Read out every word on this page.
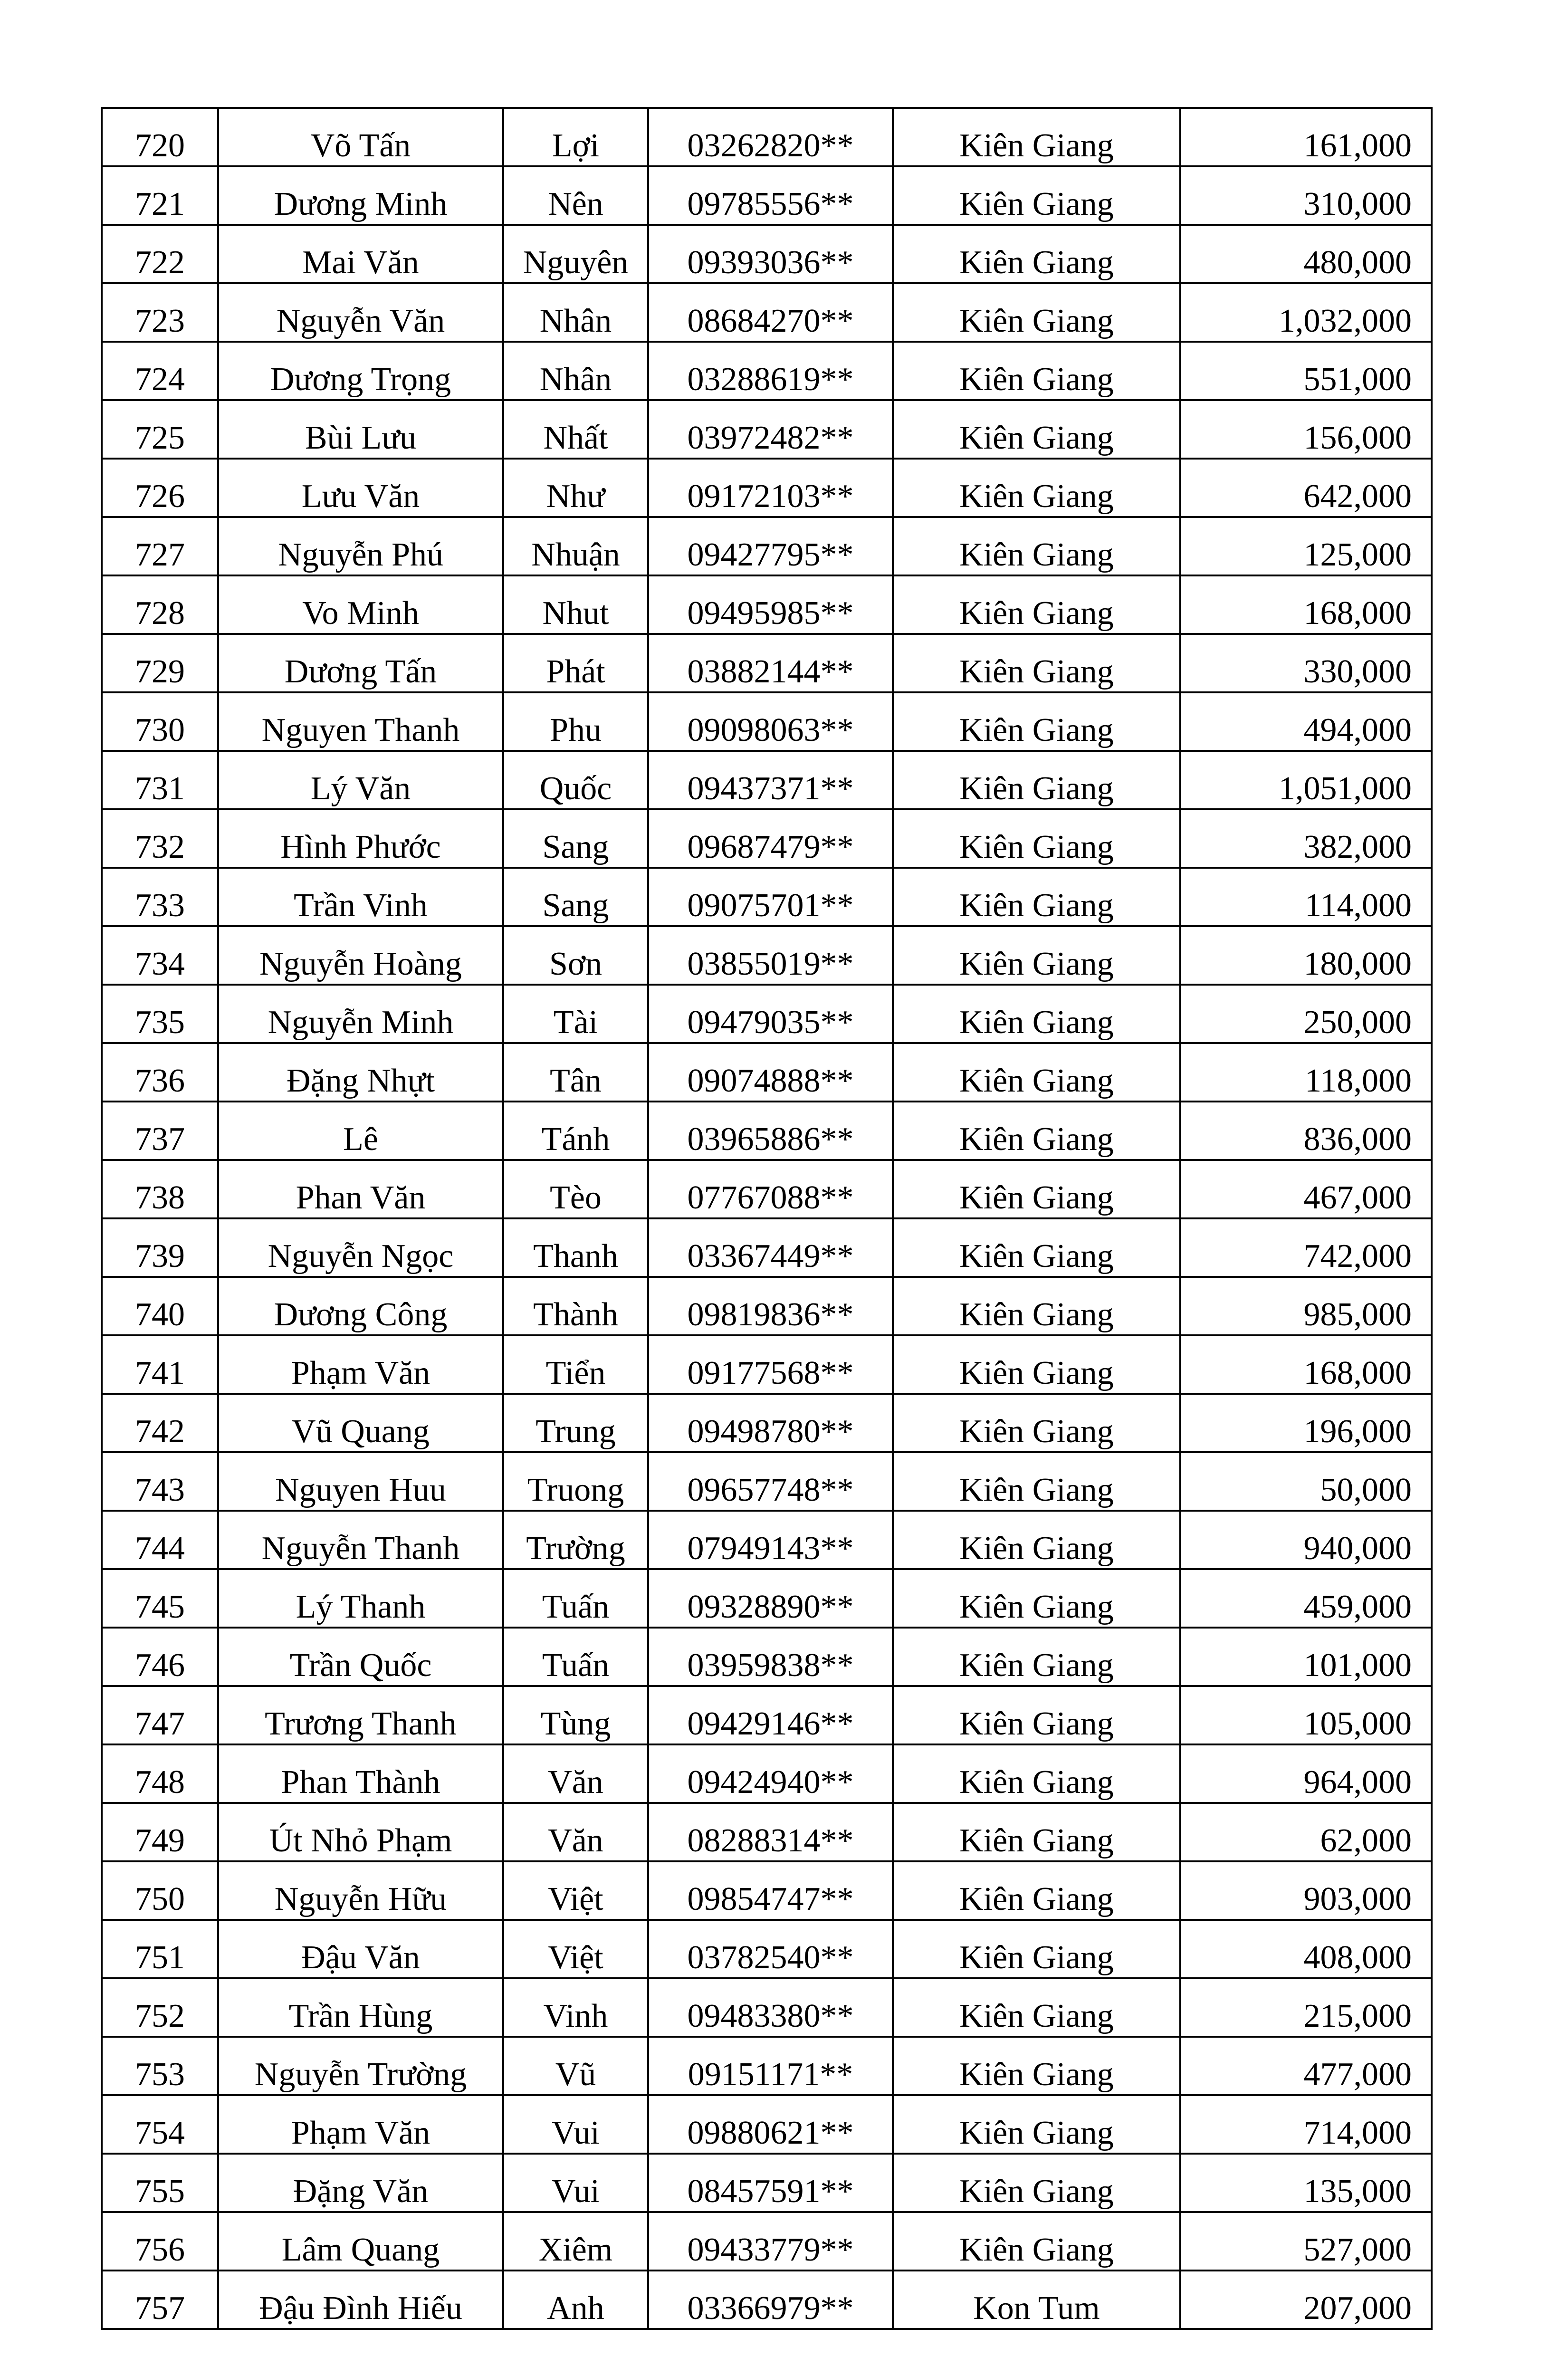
720	Võ Tấn	Lợi	03262820**	Kiên Giang	161,000
721	Dương Minh	Nên	09785556**	Kiên Giang	310,000
722	Mai Văn	Nguyên	09393036**	Kiên Giang	480,000
723	Nguyễn Văn	Nhân	08684270**	Kiên Giang	1,032,000
724	Dương Trọng	Nhân	03288619**	Kiên Giang	551,000
725	Bùi Lưu	Nhất	03972482**	Kiên Giang	156,000
726	Lưu Văn	Như	09172103**	Kiên Giang	642,000
727	Nguyễn Phú	Nhuận	09427795**	Kiên Giang	125,000
728	Vo Minh	Nhut	09495985**	Kiên Giang	168,000
729	Dương Tấn	Phát	03882144**	Kiên Giang	330,000
730	Nguyen Thanh	Phu	09098063**	Kiên Giang	494,000
731	Lý Văn	Quốc	09437371**	Kiên Giang	1,051,000
732	Hình Phước	Sang	09687479**	Kiên Giang	382,000
733	Trần Vinh	Sang	09075701**	Kiên Giang	114,000
734	Nguyễn Hoàng	Sơn	03855019**	Kiên Giang	180,000
735	Nguyễn Minh	Tài	09479035**	Kiên Giang	250,000
736	Đặng Nhựt	Tân	09074888**	Kiên Giang	118,000
737	Lê	Tánh	03965886**	Kiên Giang	836,000
738	Phan Văn	Tèo	07767088**	Kiên Giang	467,000
739	Nguyễn Ngọc	Thanh	03367449**	Kiên Giang	742,000
740	Dương Công	Thành	09819836**	Kiên Giang	985,000
741	Phạm Văn	Tiển	09177568**	Kiên Giang	168,000
742	Vũ Quang	Trung	09498780**	Kiên Giang	196,000
743	Nguyen Huu	Truong	09657748**	Kiên Giang	50,000
744	Nguyễn Thanh	Trường	07949143**	Kiên Giang	940,000
745	Lý Thanh	Tuấn	09328890**	Kiên Giang	459,000
746	Trần Quốc	Tuấn	03959838**	Kiên Giang	101,000
747	Trương Thanh	Tùng	09429146**	Kiên Giang	105,000
748	Phan Thành	Văn	09424940**	Kiên Giang	964,000
749	Út Nhỏ Phạm	Văn	08288314**	Kiên Giang	62,000
750	Nguyễn Hữu	Việt	09854747**	Kiên Giang	903,000
751	Đậu Văn	Việt	03782540**	Kiên Giang	408,000
752	Trần Hùng	Vinh	09483380**	Kiên Giang	215,000
753	Nguyễn Trường	Vũ	09151171**	Kiên Giang	477,000
754	Phạm Văn	Vui	09880621**	Kiên Giang	714,000
755	Đặng Văn	Vui	08457591**	Kiên Giang	135,000
756	Lâm Quang	Xiêm	09433779**	Kiên Giang	527,000
757	Đậu Đình Hiếu	Anh	03366979**	Kon Tum	207,000
